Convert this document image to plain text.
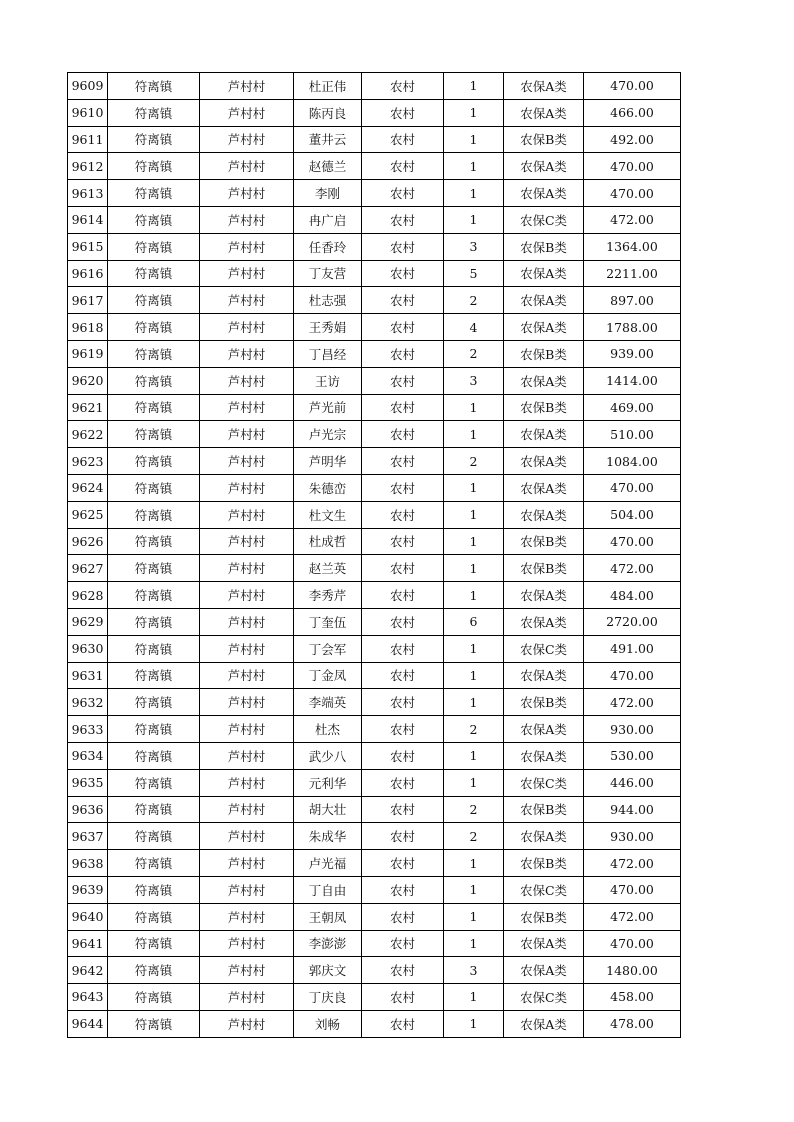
9609	符离镇	芦村村	杜正伟	农村	1	农保A类	470.00
9610	符离镇	芦村村	陈丙良	农村	1	农保A类	466.00
9611	符离镇	芦村村	董井云	农村	1	农保B类	492.00
9612	符离镇	芦村村	赵德兰	农村	1	农保A类	470.00
9613	符离镇	芦村村	李刚	农村	1	农保A类	470.00
9614	符离镇	芦村村	冉广启	农村	1	农保C类	472.00
9615	符离镇	芦村村	任香玲	农村	3	农保B类	1364.00
9616	符离镇	芦村村	丁友营	农村	5	农保A类	2211.00
9617	符离镇	芦村村	杜志强	农村	2	农保A类	897.00
9618	符离镇	芦村村	王秀娟	农村	4	农保A类	1788.00
9619	符离镇	芦村村	丁昌经	农村	2	农保B类	939.00
9620	符离镇	芦村村	王访	农村	3	农保A类	1414.00
9621	符离镇	芦村村	芦光前	农村	1	农保B类	469.00
9622	符离镇	芦村村	卢光宗	农村	1	农保A类	510.00
9623	符离镇	芦村村	芦明华	农村	2	农保A类	1084.00
9624	符离镇	芦村村	朱德峦	农村	1	农保A类	470.00
9625	符离镇	芦村村	杜文生	农村	1	农保A类	504.00
9626	符离镇	芦村村	杜成哲	农村	1	农保B类	470.00
9627	符离镇	芦村村	赵兰英	农村	1	农保B类	472.00
9628	符离镇	芦村村	李秀芹	农村	1	农保A类	484.00
9629	符离镇	芦村村	丁奎伍	农村	6	农保A类	2720.00
9630	符离镇	芦村村	丁会军	农村	1	农保C类	491.00
9631	符离镇	芦村村	丁金凤	农村	1	农保A类	470.00
9632	符离镇	芦村村	李端英	农村	1	农保B类	472.00
9633	符离镇	芦村村	杜杰	农村	2	农保A类	930.00
9634	符离镇	芦村村	武少八	农村	1	农保A类	530.00
9635	符离镇	芦村村	元利华	农村	1	农保C类	446.00
9636	符离镇	芦村村	胡大壮	农村	2	农保B类	944.00
9637	符离镇	芦村村	朱成华	农村	2	农保A类	930.00
9638	符离镇	芦村村	卢光福	农村	1	农保B类	472.00
9639	符离镇	芦村村	丁自由	农村	1	农保C类	470.00
9640	符离镇	芦村村	王朝凤	农村	1	农保B类	472.00
9641	符离镇	芦村村	李澎澎	农村	1	农保A类	470.00
9642	符离镇	芦村村	郭庆文	农村	3	农保A类	1480.00
9643	符离镇	芦村村	丁庆良	农村	1	农保C类	458.00
9644	符离镇	芦村村	刘畅	农村	1	农保A类	478.00
